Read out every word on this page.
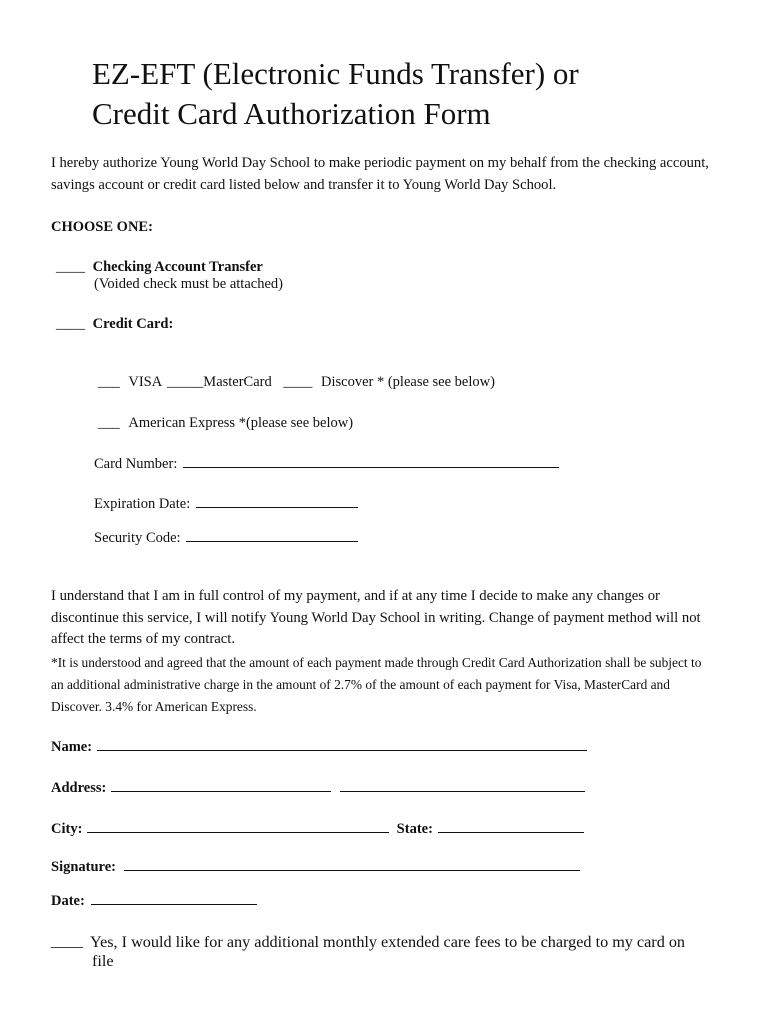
EZ-EFT (Electronic Funds Transfer) or
Credit Card Authorization Form
I hereby authorize Young World Day School to make periodic payment on my behalf from the checking account, savings account or credit card listed below and transfer it to Young World Day School.
CHOOSE ONE:
____ Checking Account Transfer
(Voided check must be attached)
____ Credit Card:
___ VISA _____MasterCard ____ Discover * (please see below)
___ American Express *(please see below)
Card Number:
Expiration Date:
Security Code:
I understand that I am in full control of my payment, and if at any time I decide to make any changes or discontinue this service, I will notify Young World Day School in writing. Change of payment method will not affect the terms of my contract.
*It is understood and agreed that the amount of each payment made through Credit Card Authorization shall be subject to an additional administrative charge in the amount of 2.7% of the amount of each payment for Visa, MasterCard and Discover. 3.4% for American Express.
Name:
Address:
City:	State:
Signature:
Date:
____ Yes, I would like for any additional monthly extended care fees to be charged to my card on file
